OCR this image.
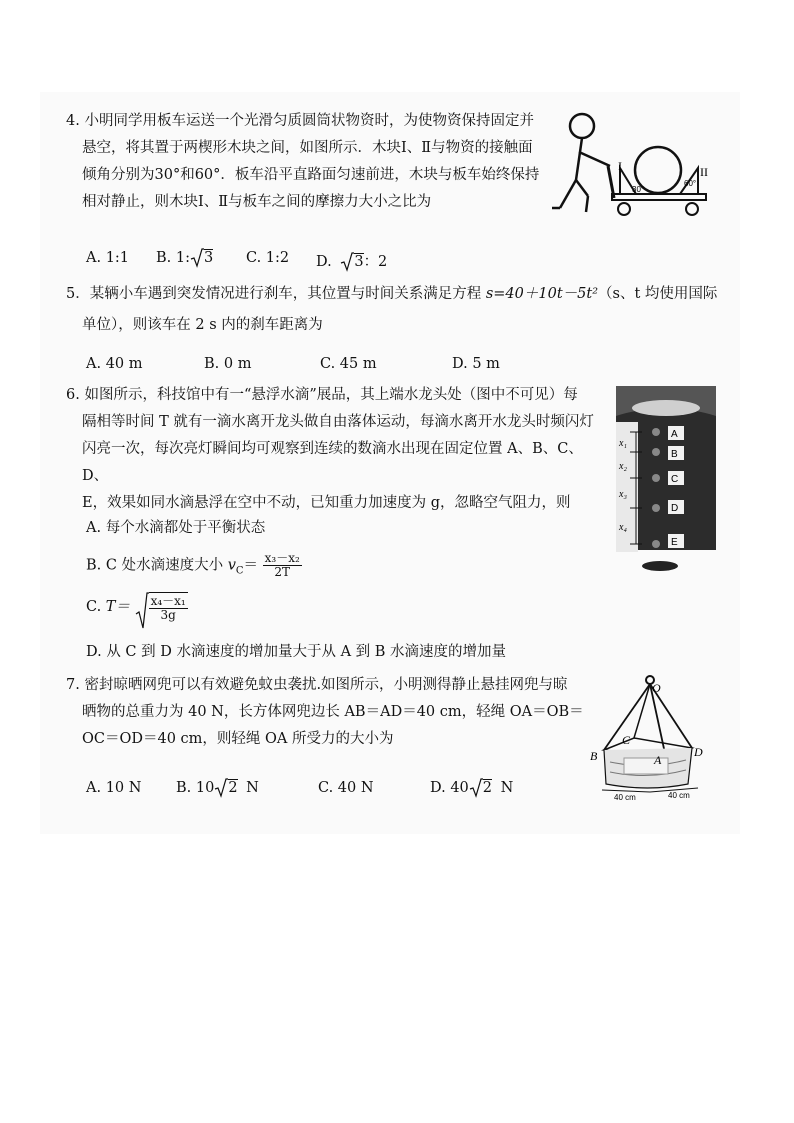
4. 小明同学用板车运送一个光滑匀质圆筒状物资时，为使物资保持固定并

悬空，将其置于两楔形木块之间，如图所示．木块Ⅰ、Ⅱ与物资的接触面

倾角分别为30°和60°．板车沿平直路面匀速前进，木块与板车始终保持

相对静止，则木块Ⅰ、Ⅱ与板车之间的摩擦力大小之比为

A. 1:1 B. 1: 3 C. 1:2 D. 3：2
I	II
30°
60°

5．某辆小车遇到突发情况进行刹车，其位置与时间关系满足方程 s=40＋10t－5t²（s、t 均使用国际

单位），则该车在 2 s 内的刹车距离为

A. 40 m	B. 0 m	C. 45 m	D. 5 m

6. 如图所示，科技馆中有一“悬浮水滴”展品，其上端水龙头处（图中不可见）每

隔相等时间 T 就有一滴水离开龙头做自由落体运动，每滴水离开水龙头时频闪灯

闪亮一次，每次亮灯瞬间均可观察到连续的数滴水出现在固定位置 A、B、C、D、

E，效果如同水滴悬浮在空中不动，已知重力加速度为 g，忽略空气阻力，则

A. 每个水滴都处于平衡状态
B. C 处水滴速度大小 $v_C= \frac{\text{x₃－x₂}}{2T}$
C. $T= \frac{\text{x₄－x₁}}{3g}$
D. 从 C 到 D 水滴速度的增加量大于从 A 到 B 水滴速度的增加量
A
B
C
D
E
x₁
x₂
x₃
x₄

7. 密封晾晒网兜可以有效避免蚊虫袭扰.如图所示，小明测得静止悬挂网兜与晾

晒物的总重力为 40 N，长方体网兜边长 AB＝AD＝40 cm，轻绳 OA＝OB＝

OC＝OD＝40 cm，则轻绳 OA 所受力的大小为

A. 10 N B. 10 2 N	C. 40 N	D. 40 2 N
O
A
B
C
D
40 cm	40 cm
